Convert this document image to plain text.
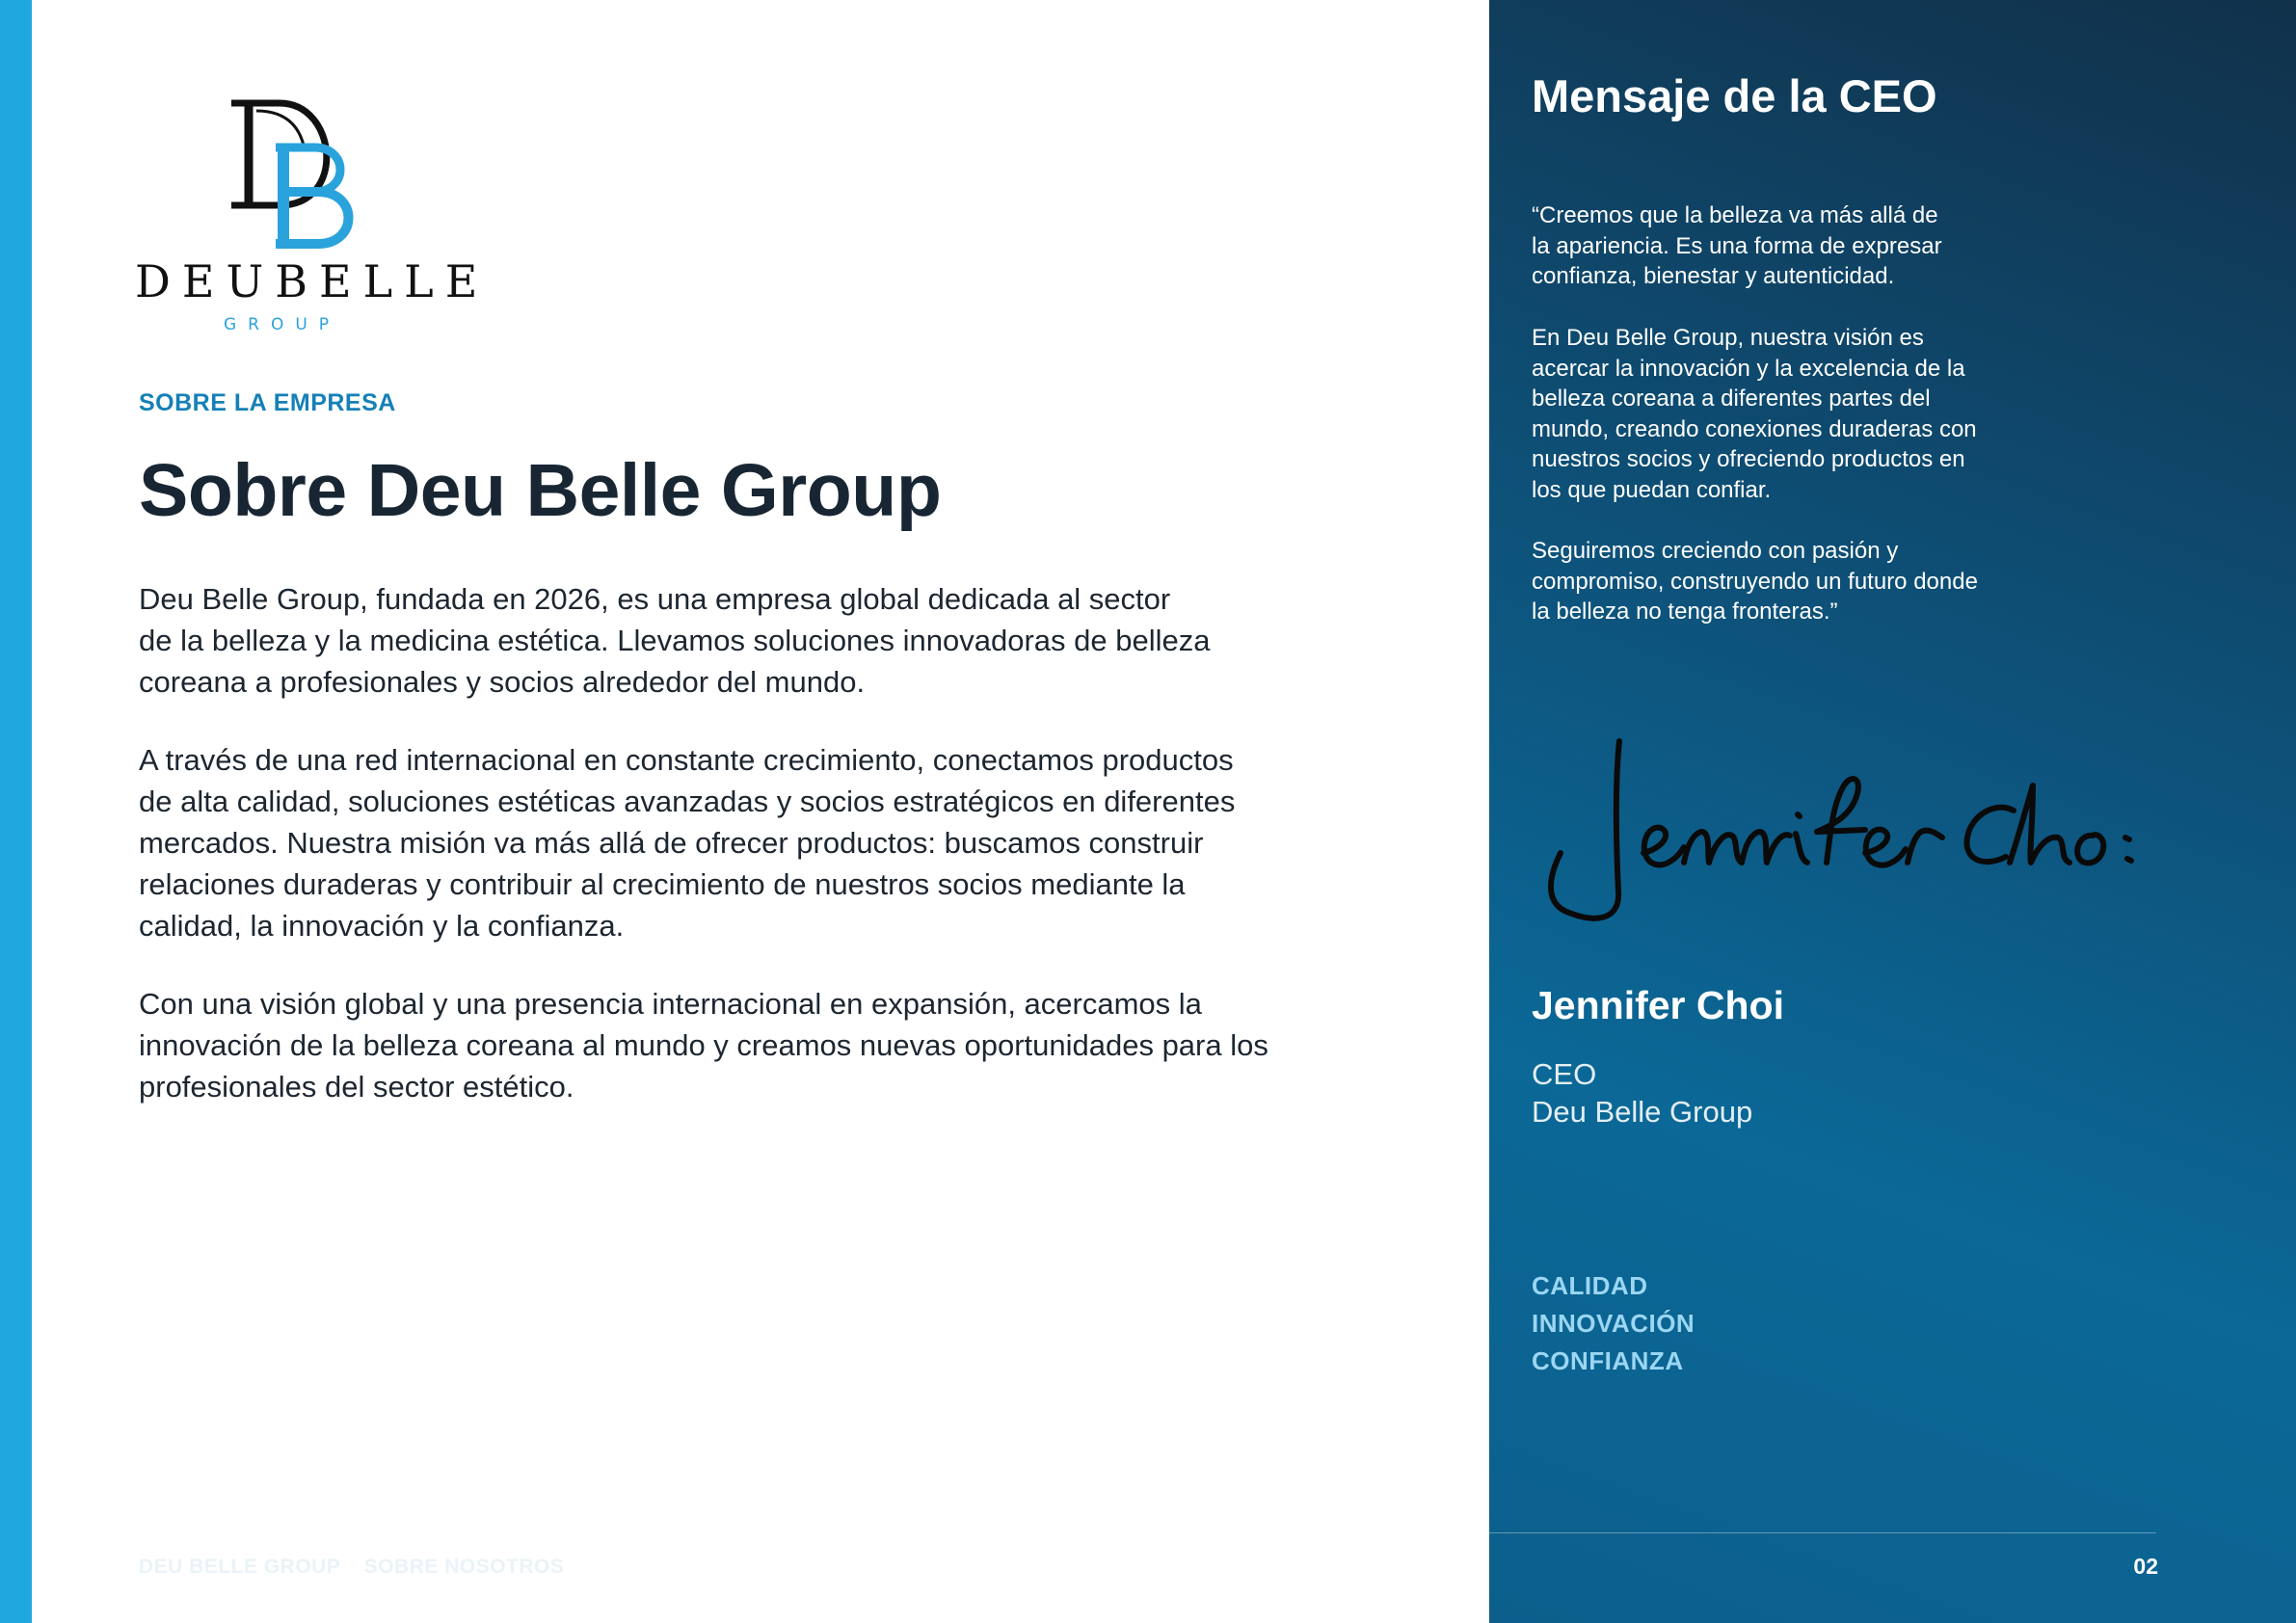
DEUBELLE
GROUP
SOBRE LA EMPRESA
Sobre Deu Belle Group

Deu Belle Group, fundada en 2026, es una empresa global dedicada al sector
de la belleza y la medicina estética. Llevamos soluciones innovadoras de belleza
coreana a profesionales y socios alrededor del mundo.

A través de una red internacional en constante crecimiento, conectamos productos
de alta calidad, soluciones estéticas avanzadas y socios estratégicos en diferentes
mercados. Nuestra misión va más allá de ofrecer productos: buscamos construir
relaciones duraderas y contribuir al crecimiento de nuestros socios mediante la
calidad, la innovación y la confianza.

Con una visión global y una presencia internacional en expansión, acercamos la
innovación de la belleza coreana al mundo y creamos nuevas oportunidades para los
profesionales del sector estético.

DEU BELLE GROUP SOBRE NOSOTROS
Mensaje de la CEO

“Creemos que la belleza va más allá de
la apariencia. Es una forma de expresar
confianza, bienestar y autenticidad.

En Deu Belle Group, nuestra visión es
acercar la innovación y la excelencia de la
belleza coreana a diferentes partes del
mundo, creando conexiones duraderas con
nuestros socios y ofreciendo productos en
los que puedan confiar.

Seguiremos creciendo con pasión y
compromiso, construyendo un futuro donde
la belleza no tenga fronteras.”

Jennifer Choi
CEO
Deu Belle Group
CALIDAD
INNOVACIÓN
CONFIANZA
02
